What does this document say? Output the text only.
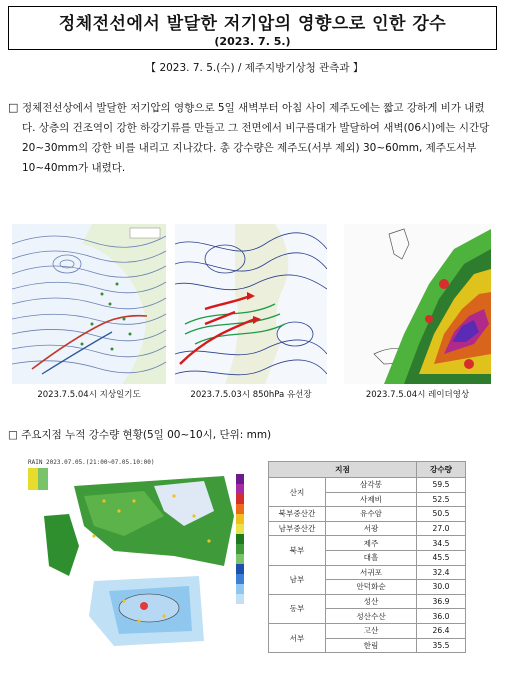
정체전선에서 발달한 저기압의 영향으로 인한 강수
(2023. 7. 5.)
【 2023. 7. 5.(수) / 제주지방기상청 관측과 】
□ 정체전선상에서 발달한 저기압의 영향으로 5일 새벽부터 아침 사이 제주도에는 짧고 강하게 비가 내렸다. 상층의 건조역이 강한 하강기류를 만들고 그 전면에서 비구름대가 발달하여 새벽(06시)에는 시간당 20~30mm의 강한 비를 내리고 지나갔다. 총 강수량은 제주도(서부 제외) 30~60mm, 제주도서부 10~40mm가 내렸다.
2023.7.5.04시 지상일기도	2023.7.5.03시 850hPa 유선장	2023.7.5.04시 레이더영상
□ 주요지점 누적 강수량 현황(5일 00~10시, 단위: mm)
RAIN 2023.07.05.(21:00~07.05.10:00)
지점		강수량
산지	삼각봉	59.5
	사제비	52.5
북부중산간	유수암	50.5
남부중산간	서광	27.0
북부	제주	34.5
	대흘	45.5
남부	서귀포	32.4
	안덕화순	30.0
동부	성산	36.9
	성산수산	36.0
서부	고산	26.4
	한림	35.5
